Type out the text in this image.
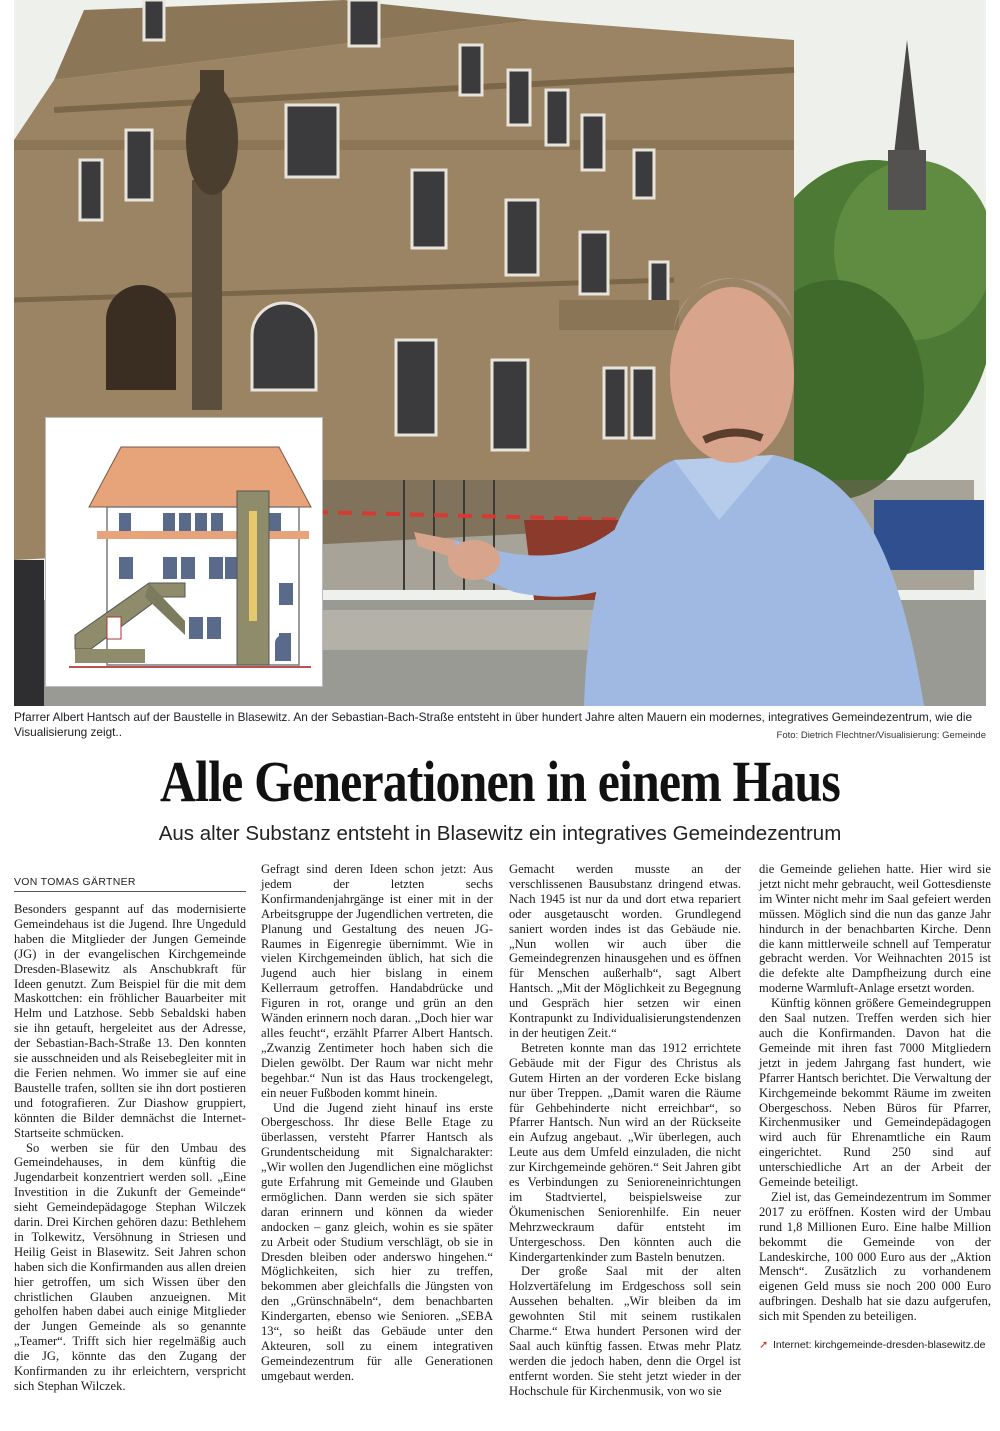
Pfarrer Albert Hantsch auf der Baustelle in Blasewitz. An der Sebastian-Bach-Straße entsteht in über hundert Jahre alten Mauern ein modernes, integratives Gemeindezentrum, wie die Visualisierung zeigt..	Foto: Dietrich Flechtner/Visualisierung: Gemeinde
Alle Generationen in einem Haus
Aus alter Substanz entsteht in Blasewitz ein integratives Gemeindezentrum
VON TOMAS GÄRTNER

Besonders gespannt auf das modernisierte Gemeindehaus ist die Jugend. Ihre Ungeduld haben die Mitglieder der Jungen Gemeinde (JG) in der evangelischen Kirchgemeinde Dresden-Blasewitz als Anschubkraft für Ideen genutzt. Zum Beispiel für die mit dem Maskottchen: ein fröhlicher Bauarbeiter mit Helm und Latzhose. Sebb Sebaldski haben sie ihn getauft, hergeleitet aus der Adresse, der Sebastian-Bach-Straße 13. Den konnten sie ausschneiden und als Reisebegleiter mit in die Ferien nehmen. Wo immer sie auf eine Baustelle trafen, sollten sie ihn dort postieren und fotografieren. Zur Diashow gruppiert, könnten die Bilder demnächst die Internet-Startseite schmücken.

So werben sie für den Umbau des Gemeindehauses, in dem künftig die Jugendarbeit konzentriert werden soll. „Eine Investition in die Zukunft der Gemeinde“ sieht Gemeindepädagoge Stephan Wilczek darin. Drei Kirchen gehören dazu: Bethlehem in Tolkewitz, Versöhnung in Striesen und Heilig Geist in Blasewitz. Seit Jahren schon haben sich die Konfirmanden aus allen dreien hier getroffen, um sich Wissen über den christlichen Glauben anzueignen. Mit geholfen haben dabei auch einige Mitglieder der Jungen Gemeinde als so genannte „Teamer“. Trifft sich hier regelmäßig auch die JG, könnte das den Zugang der Konfirmanden zu ihr erleichtern, verspricht sich Stephan Wilczek.

Gefragt sind deren Ideen schon jetzt: Aus jedem der letzten sechs Konfirmandenjahrgänge ist einer mit in der Arbeitsgruppe der Jugendlichen vertreten, die Planung und Gestaltung des neuen JG-Raumes in Eigenregie übernimmt. Wie in vielen Kirchgemeinden üblich, hat sich die Jugend auch hier bislang in einem Kellerraum getroffen. Handabdrücke und Figuren in rot, orange und grün an den Wänden erinnern noch daran. „Doch hier war alles feucht“, erzählt Pfarrer Albert Hantsch. „Zwanzig Zentimeter hoch haben sich die Dielen gewölbt. Der Raum war nicht mehr begehbar.“ Nun ist das Haus trockengelegt, ein neuer Fußboden kommt hinein.

Und die Jugend zieht hinauf ins erste Obergeschoss. Ihr diese Belle Etage zu überlassen, versteht Pfarrer Hantsch als Grundentscheidung mit Signalcharakter: „Wir wollen den Jugendlichen eine möglichst gute Erfahrung mit Gemeinde und Glauben ermöglichen. Dann werden sie sich später daran erinnern und können da wieder andocken – ganz gleich, wohin es sie später zu Arbeit oder Studium verschlägt, ob sie in Dresden bleiben oder anderswo hingehen.“ Möglichkeiten, sich hier zu treffen, bekommen aber gleichfalls die Jüngsten von den „Grünschnäbeln“, dem benachbarten Kindergarten, ebenso wie Senioren. „SEBA 13“, so heißt das Gebäude unter den Akteuren, soll zu einem integrativen Gemeindezentrum für alle Generationen umgebaut werden.

Gemacht werden musste an der verschlissenen Bausubstanz dringend etwas. Nach 1945 ist nur da und dort etwa repariert oder ausgetauscht worden. Grundlegend saniert worden indes ist das Gebäude nie. „Nun wollen wir auch über die Gemeindegrenzen hinausgehen und es öffnen für Menschen außerhalb“, sagt Albert Hantsch. „Mit der Möglichkeit zu Begegnung und Gespräch hier setzen wir einen Kontrapunkt zu Individualisierungstendenzen in der heutigen Zeit.“

Betreten konnte man das 1912 errichtete Gebäude mit der Figur des Christus als Gutem Hirten an der vorderen Ecke bislang nur über Treppen. „Damit waren die Räume für Gehbehinderte nicht erreichbar“, so Pfarrer Hantsch. Nun wird an der Rückseite ein Aufzug angebaut. „Wir überlegen, auch Leute aus dem Umfeld einzuladen, die nicht zur Kirchgemeinde gehören.“ Seit Jahren gibt es Verbindungen zu Senioreneinrichtungen im Stadtviertel, beispielsweise zur Ökumenischen Seniorenhilfe. Ein neuer Mehrzweckraum dafür entsteht im Untergeschoss. Den könnten auch die Kindergartenkinder zum Basteln benutzen.

Der große Saal mit der alten Holzvertäfelung im Erdgeschoss soll sein Aussehen behalten. „Wir bleiben da im gewohnten Stil mit seinem rustikalen Charme.“ Etwa hundert Personen wird der Saal auch künftig fassen. Etwas mehr Platz werden die jedoch haben, denn die Orgel ist entfernt worden. Sie steht jetzt wieder in der Hochschule für Kirchenmusik, von wo sie

die Gemeinde geliehen hatte. Hier wird sie jetzt nicht mehr gebraucht, weil Gottesdienste im Winter nicht mehr im Saal gefeiert werden müssen. Möglich sind die nun das ganze Jahr hindurch in der benachbarten Kirche. Denn die kann mittlerweile schnell auf Temperatur gebracht werden. Vor Weihnachten 2015 ist die defekte alte Dampfheizung durch eine moderne Warmluft-Anlage ersetzt worden.

Künftig können größere Gemeindegruppen den Saal nutzen. Treffen werden sich hier auch die Konfirmanden. Davon hat die Gemeinde mit ihren fast 7000 Mitgliedern jetzt in jedem Jahrgang fast hundert, wie Pfarrer Hantsch berichtet. Die Verwaltung der Kirchgemeinde bekommt Räume im zweiten Obergeschoss. Neben Büros für Pfarrer, Kirchenmusiker und Gemeindepädagogen wird auch für Ehrenamtliche ein Raum eingerichtet. Rund 250 sind auf unterschiedliche Art an der Arbeit der Gemeinde beteiligt.

Ziel ist, das Gemeindezentrum im Sommer 2017 zu eröffnen. Kosten wird der Umbau rund 1,8 Millionen Euro. Eine halbe Million bekommt die Gemeinde von der Landeskirche, 100 000 Euro aus der „Aktion Mensch“. Zusätzlich zu vorhandenem eigenen Geld muss sie noch 200 000 Euro aufbringen. Deshalb hat sie dazu aufgerufen, sich mit Spenden zu beteiligen.

➚ Internet: kirchgemeinde-dresden-blasewitz.de
